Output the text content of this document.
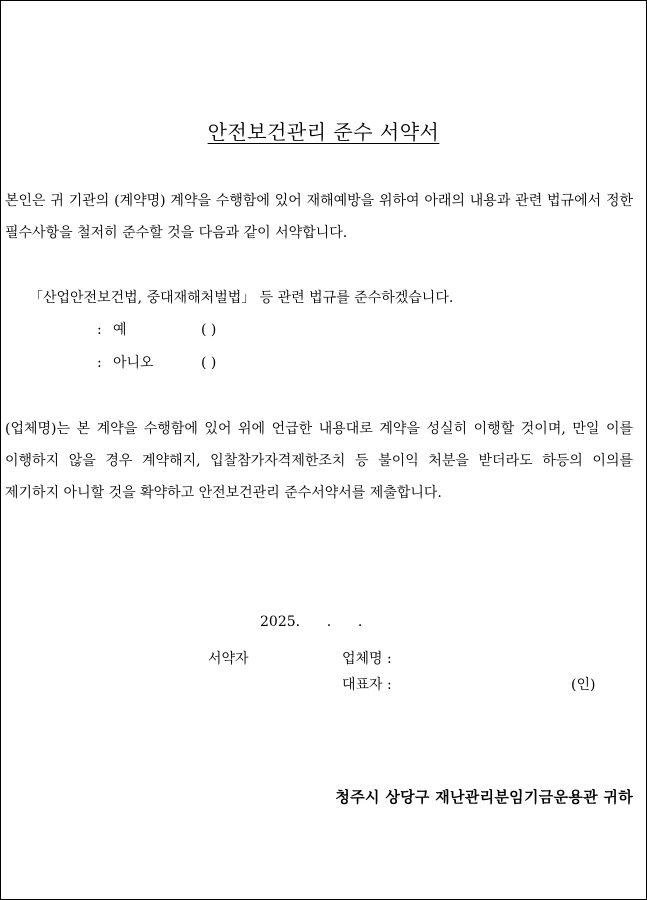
안전보건관리 준수 서약서
본인은 귀 기관의 (계약명) 계약을 수행함에 있어 재해예방을 위하여 아래의 내용과 관련 법규에서 정한 필수사항을 철저히 준수할 것을 다음과 같이 서약합니다.
「산업안전보건법, 중대재해처벌법」 등 관련 법규를 준수하겠습니다.
: 예	( )
: 아니오	( )
(업체명)는 본 계약을 수행함에 있어 위에 언급한 내용대로 계약을 성실히 이행할 것이며, 만일 이를 이행하지 않을 경우 계약해지, 입찰참가자격제한조치 등 불이익 처분을 받더라도 하등의 이의를 제기하지 아니할 것을 확약하고 안전보건관리 준수서약서를 제출합니다.
2025.      .      .
서약자	업체명 :
대표자 :	(인)
청주시 상당구 재난관리분임기금운용관 귀하
